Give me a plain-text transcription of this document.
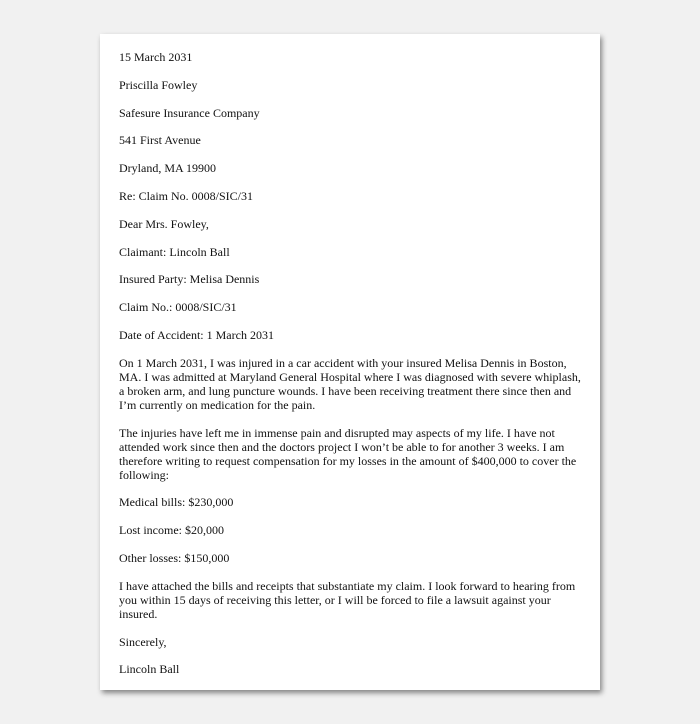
15 March 2031
Priscilla Fowley
Safesure Insurance Company
541 First Avenue
Dryland, MA 19900
Re: Claim No. 0008/SIC/31
Dear Mrs. Fowley,
Claimant: Lincoln Ball
Insured Party: Melisa Dennis
Claim No.: 0008/SIC/31
Date of Accident: 1 March 2031
On 1 March 2031, I was injured in a car accident with your insured Melisa Dennis in Boston, MA. I was admitted at Maryland General Hospital where I was diagnosed with severe whiplash, a broken arm, and lung puncture wounds. I have been receiving treatment there since then and I’m currently on medication for the pain.
The injuries have left me in immense pain and disrupted may aspects of my life. I have not attended work since then and the doctors project I won’t be able to for another 3 weeks. I am therefore writing to request compensation for my losses in the amount of $400,000 to cover the following:
Medical bills: $230,000
Lost income: $20,000
Other losses: $150,000
I have attached the bills and receipts that substantiate my claim. I look forward to hearing from you within 15 days of receiving this letter, or I will be forced to file a lawsuit against your insured.
Sincerely,
Lincoln Ball
